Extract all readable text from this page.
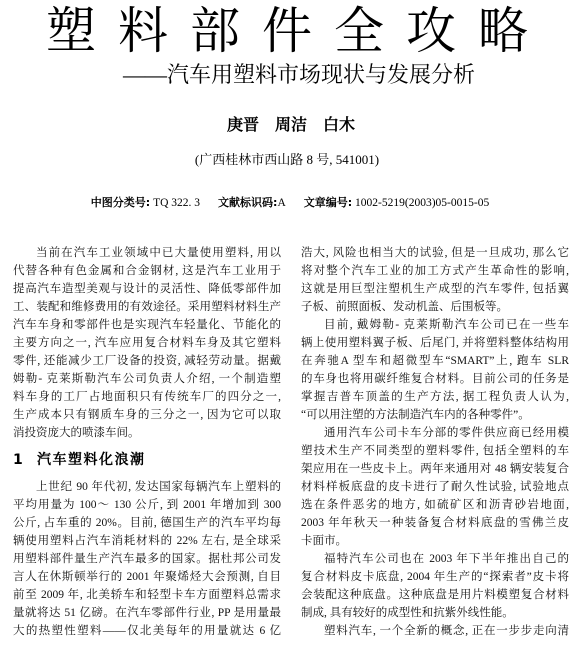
塑料部件全攻略
——汽车用塑料市场现状与发展分析
庚晋 周洁 白木
(广西桂林市西山路 8 号, 541001)
中图分类号: TQ 322. 3 文献标识码:A 文章编号: 1002-5219(2003)05-0015-05
当前在汽车工业领域中已大量使用塑料, 用以
代替各种有色金属和合金钢材, 这是汽车工业用于
提高汽车造型美观与设计的灵活性、降低零部件加
工、装配和维修费用的有效途径。采用塑料材料生产
汽车车身和零部件也是实现汽车轻量化、节能化的
主要方向之一, 汽车应用复合材料车身及其它塑料
零件, 还能减少工厂设备的投资, 减轻劳动量。据戴
姆勒- 克莱斯勒汽车公司负责人介绍, 一个制造塑
料车身的工厂占地面积只有传统车厂的四分之一,
生产成本只有钢质车身的三分之一, 因为它可以取
消投资庞大的喷漆车间。
1 汽车塑料化浪潮
上世纪 90 年代初, 发达国家每辆汽车上塑料的
平均用量为 100～ 130 公斤, 到 2001 年增加到 300
公斤, 占车重的 20%。目前, 德国生产的汽车平均每
辆使用塑料占汽车消耗材料的 22% 左右, 是全球采
用塑料部件量生产汽车最多的国家。据杜邦公司发
言人在休斯顿举行的 2001 年聚烯烃大会预测, 自目
前至 2009 年, 北美轿车和轻型卡车方面塑料总需求
量就将达 51 亿磅。在汽车零部件行业, PP 是用量最
大的热塑性塑料——仅北美每年的用量就达 6 亿
浩大, 风险也相当大的试验, 但是一旦成功, 那么它
将对整个汽车工业的加工方式产生革命性的影响,
这就是用巨型注塑机生产成型的汽车零件, 包括翼
子板、前照面板、发动机盖、后围板等。
目前, 戴姆勒- 克莱斯勒汽车公司已在一些车
辆上使用塑料翼子板、后尾门, 并将塑料整体结构用
在奔驰A 型车和超微型车“SMART”上, 跑车 SLR
的车身也将用碳纤维复合材料。目前公司的任务是
掌握吉普车顶盖的生产方法, 据工程负责人认为,
“可以用注塑的方法制造汽车内的各种零件”。
通用汽车公司卡车分部的零件供应商已经用模
塑技术生产不同类型的塑料零件, 包括全塑料的车
架应用在一些皮卡上。两年来通用对 48 辆安装复合
材料样板底盘的皮卡进行了耐久性试验, 试验地点
选在条件恶劣的地方, 如硫矿区和沥青砂岩地面,
2003 年年秋天一种装备复合材料底盘的雪佛兰皮
卡面市。
福特汽车公司也在 2003 年下半年推出自己的
复合材料皮卡底盘, 2004 年生产的“探索者”皮卡将
会装配这种底盘。这种底盘是用片料模塑复合材料
制成, 具有较好的成型性和抗紫外线性能。
塑料汽车, 一个全新的概念, 正在一步步走向清
